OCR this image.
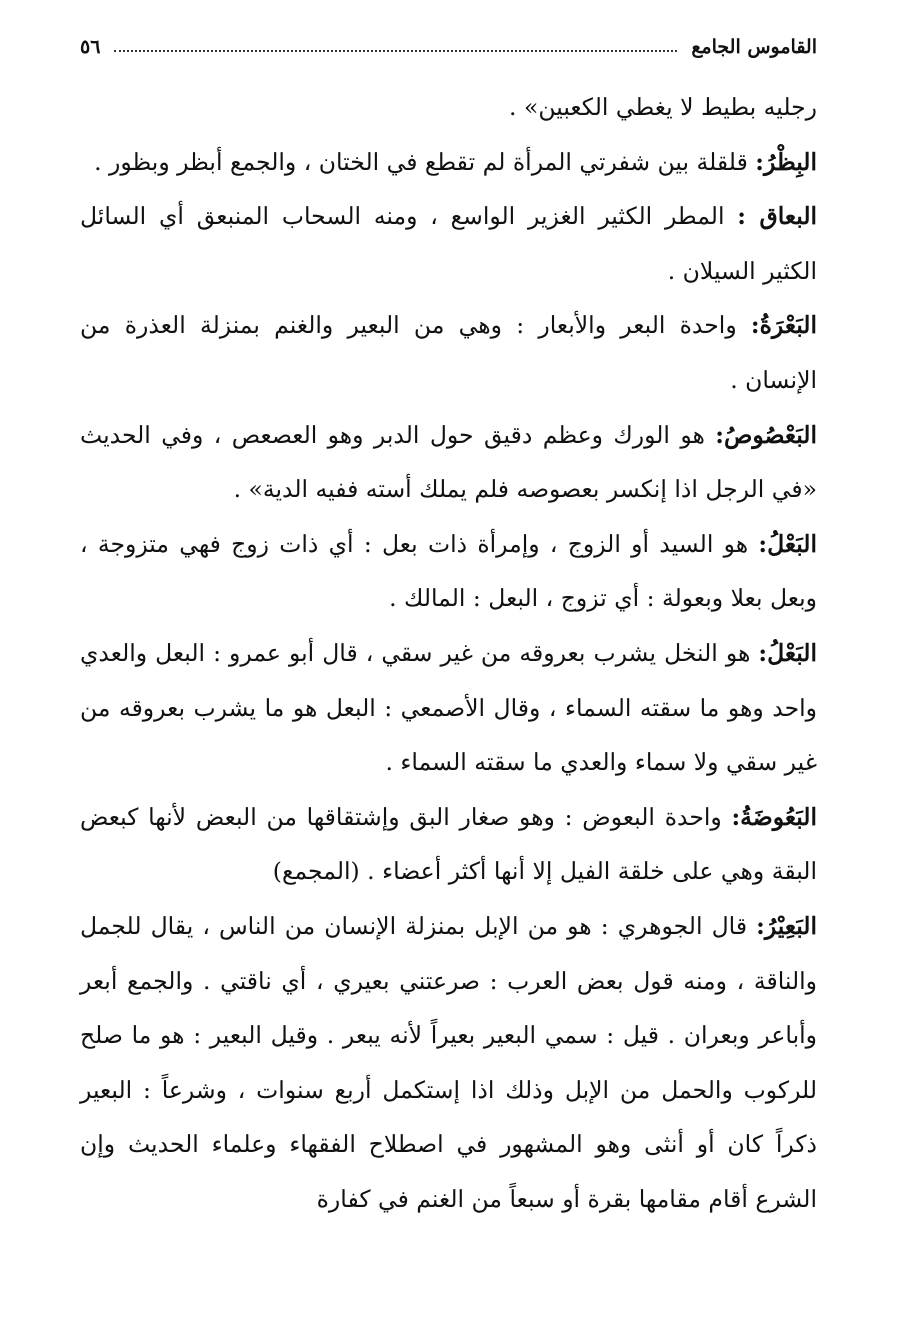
القاموس الجامع
٥٦

رجليه بطيط لا يغطي الكعبين» .

البِظْرُ: قلقلة بين شفرتي المرأة لم تقطع في الختان ، والجمع أبظر وبظور .

البعاق : المطر الكثير الغزير الواسع ، ومنه السحاب المنبعق أي السائل الكثير السيلان .

البَعْرَةُ: واحدة البعر والأبعار : وهي من البعير والغنم بمنزلة العذرة من الإنسان .

البَعْصُوصُ: هو الورك وعظم دقيق حول الدبر وهو العصعص ، وفي الحديث «في الرجل اذا إنكسر بعصوصه فلم يملك أسته ففيه الدية» .

البَعْلُ: هو السيد أو الزوج ، وإمرأة ذات بعل : أي ذات زوج فهي متزوجة ، وبعل بعلا وبعولة : أي تزوج ، البعل : المالك .

البَعْلُ: هو النخل يشرب بعروقه من غير سقي ، قال أبو عمرو : البعل والعدي واحد وهو ما سقته السماء ، وقال الأصمعي : البعل هو ما يشرب بعروقه من غير سقي ولا سماء والعدي ما سقته السماء .

البَعُوضَةُ: واحدة البعوض : وهو صغار البق وإشتقاقها من البعض لأنها كبعض البقة وهي على خلقة الفيل إلا أنها أكثر أعضاء . (المجمع)

البَعِيْرُ: قال الجوهري : هو من الإبل بمنزلة الإنسان من الناس ، يقال للجمل والناقة ، ومنه قول بعض العرب : صرعتني بعيري ، أي ناقتي . والجمع أبعر وأباعر وبعران . قيل : سمي البعير بعيراً لأنه يبعر . وقيل البعير : هو ما صلح للركوب والحمل من الإبل وذلك اذا إستكمل أربع سنوات ، وشرعاً : البعير ذكراً كان أو أنثى وهو المشهور في اصطلاح الفقهاء وعلماء الحديث وإن الشرع أقام مقامها بقرة أو سبعاً من الغنم في كفارة
